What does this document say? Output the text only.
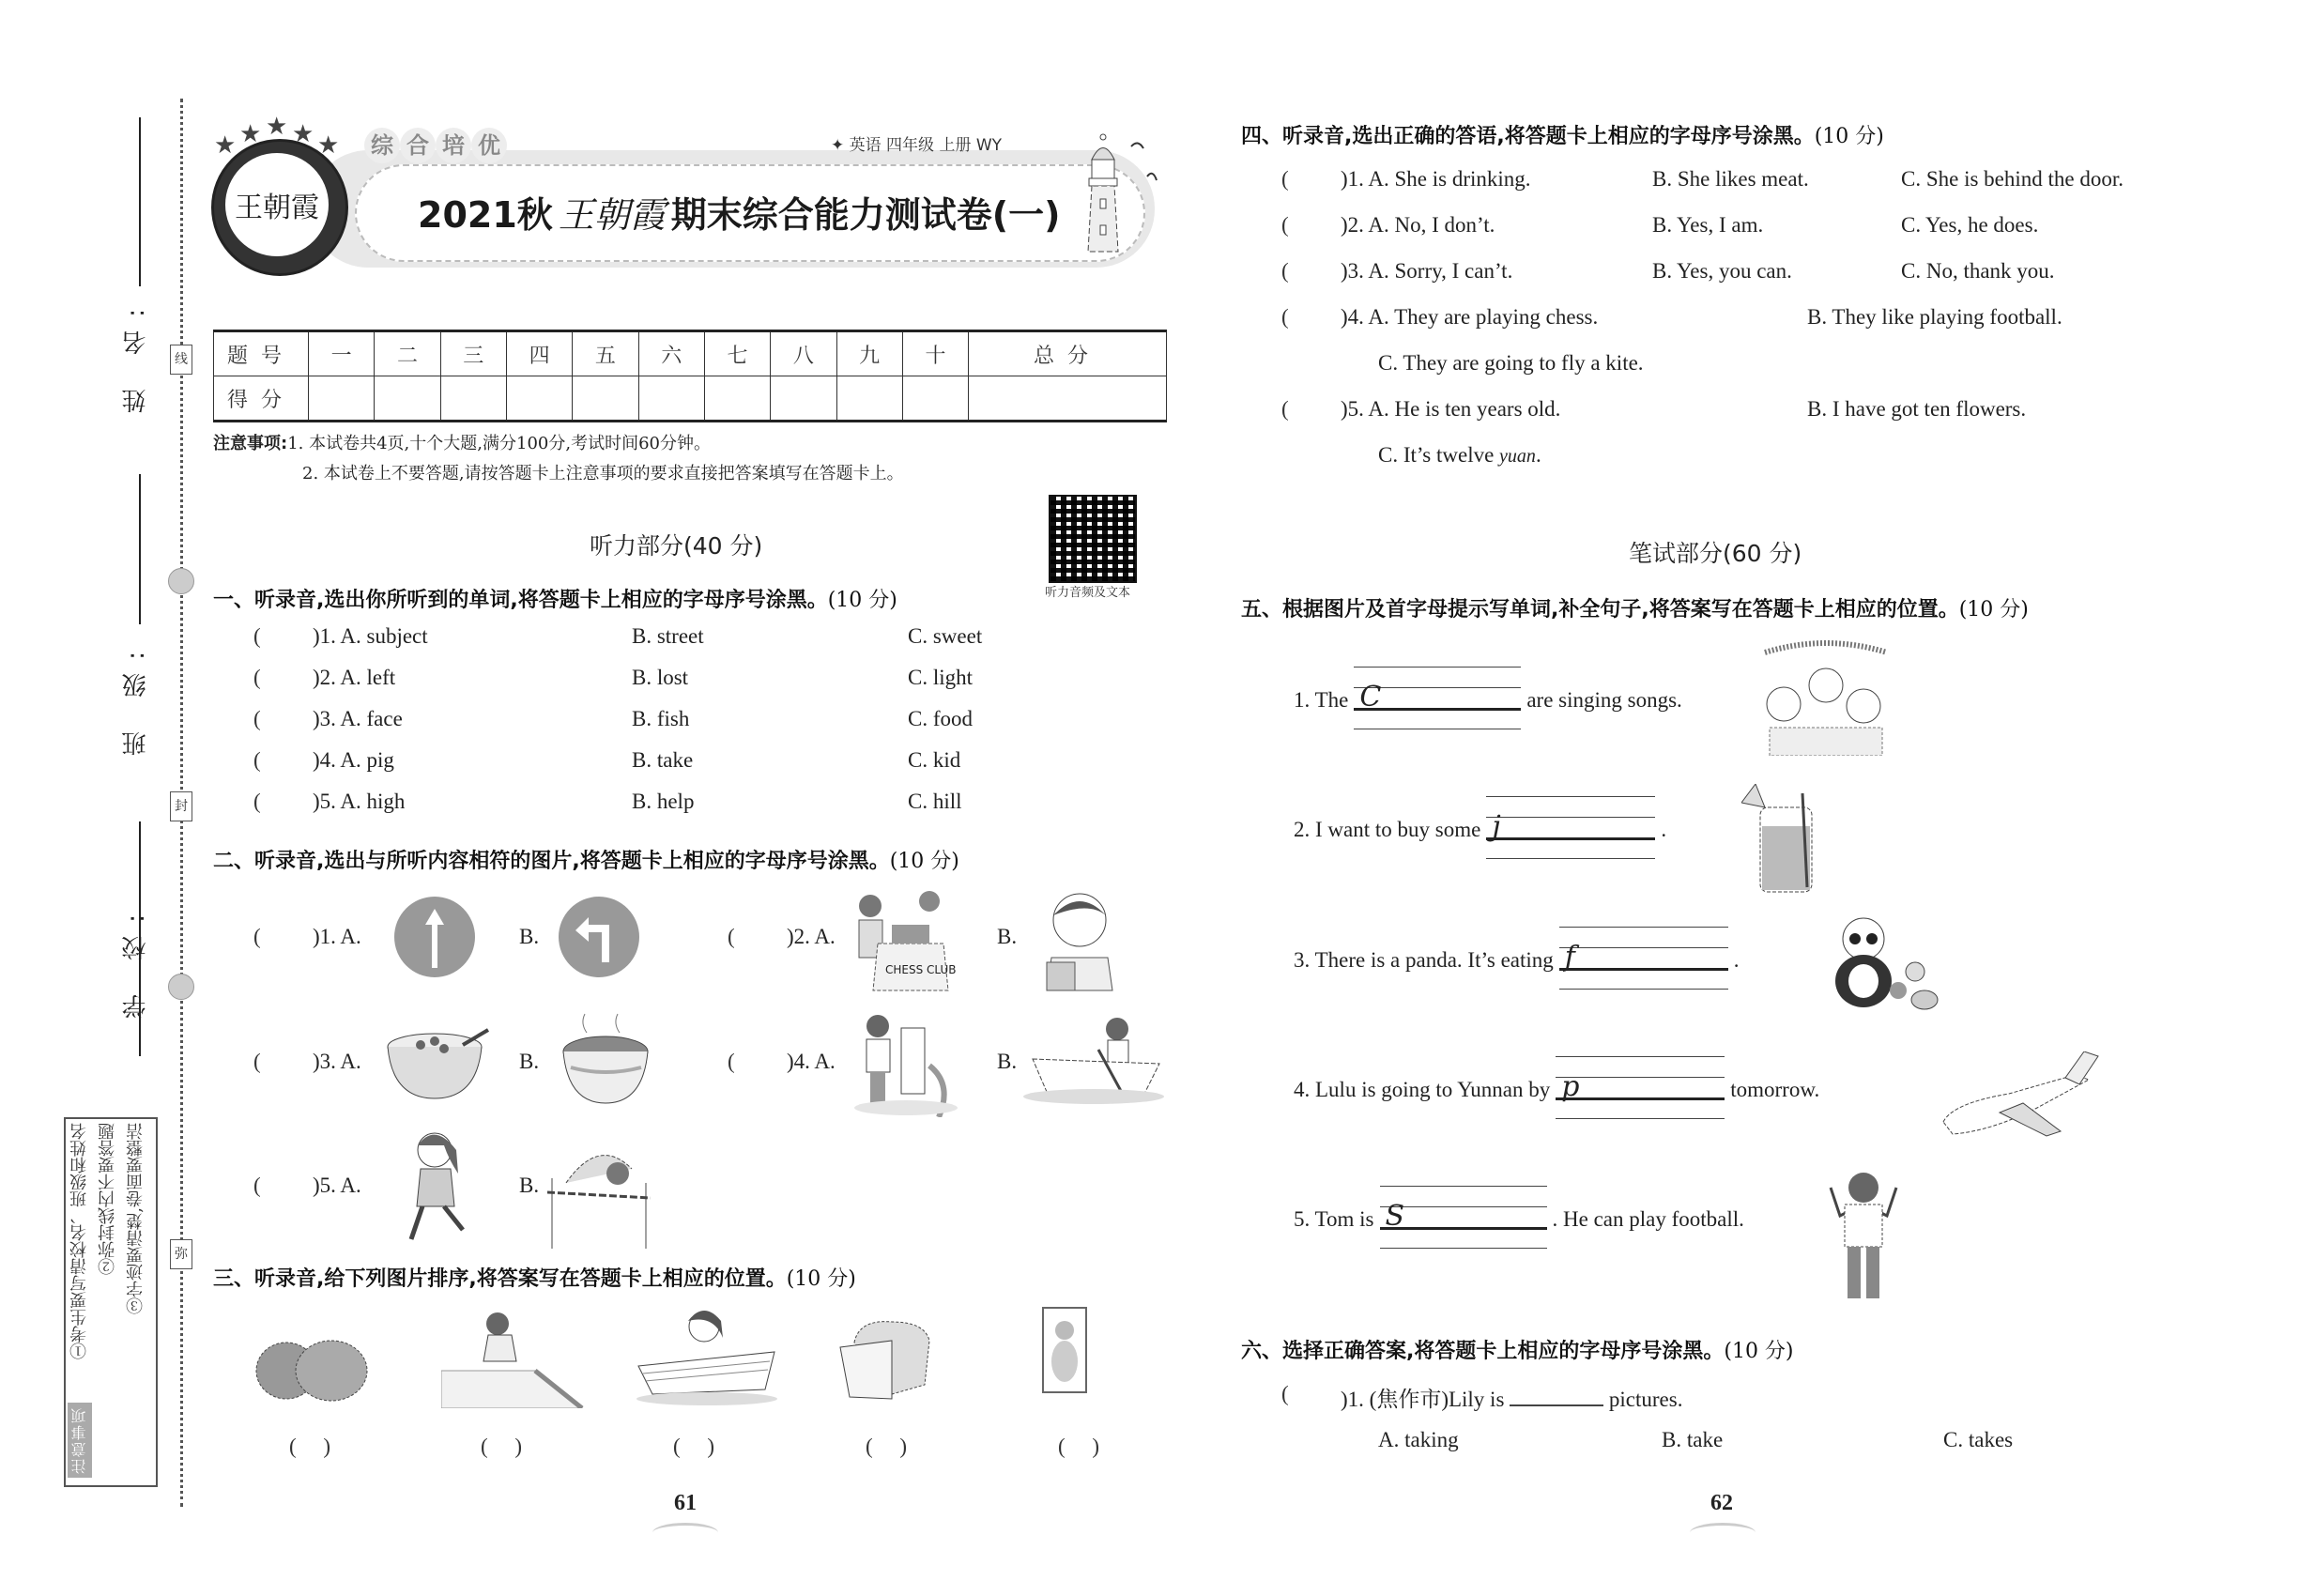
线
封
弥
姓 名:
班 级:
学 校:
①考生要写清校名、班级和姓名 ②弥封线内不要答题 ③字迹要清楚,卷面要整洁
注意事项
王朝霞
★ ★ ★ ★ ★ 综 合 培 优	✦ 英语 四年级 上册 WY
2021秋 王朝霞 期末综合能力测试卷(一)
题号	一	二	三	四	五	六	七	八	九	十	总分
得分											
注意事项:1. 本试卷共4页,十个大题,满分100分,考试时间60分钟。
2. 本试卷上不要答题,请按答题卡上注意事项的要求直接把答案填写在答题卡上。
听力音频及文本
听力部分(40 分)
一、听录音,选出你所听到的单词,将答题卡上相应的字母序号涂黑。(10 分)
( )1. A. subject	B. street	C. sweet
( )2. A. left	B. lost	C. light
( )3. A. face	B. fish	C. food
( )4. A. pig	B. take	C. kid
( )5. A. high	B. help	C. hill
二、听录音,选出与所听内容相符的图片,将答题卡上相应的字母序号涂黑。(10 分)
( )1. A.	B.	( )2. A.
CHESS CLUB
B.
( )3. A.	B.	( )4. A.	B.
( )5. A.	B.
三、听录音,给下列图片排序,将答案写在答题卡上相应的位置。(10 分)
(     )	(     )	(     )	(     )	(     )
61
四、听录音,选出正确的答语,将答题卡上相应的字母序号涂黑。(10 分)
( )1. A. She is drinking.	B. She likes meat.	C. She is behind the door.
( )2. A. No, I don’t.	B. Yes, I am.	C. Yes, he does.
( )3. A. Sorry, I can’t.	B. Yes, you can.	C. No, thank you.
( )4. A. They are playing chess.	B. They like playing football.
C. They are going to fly a kite.
( )5. A. He is ten years old.	B. I have got ten flowers.
C. It’s twelve yuan.
笔试部分(60 分)
五、根据图片及首字母提示写单词,补全句子,将答案写在答题卡上相应的位置。(10 分)
1. The C	are singing songs.
2. I want to buy some j	.
3. There is a panda. It’s eating f	.
4. Lulu is going to Yunnan by p	tomorrow.
5. Tom is S	. He can play football.
六、选择正确答案,将答题卡上相应的字母序号涂黑。(10 分)
( )1. (焦作市)Lily is	pictures.
A. taking	B. take	C. takes
62
